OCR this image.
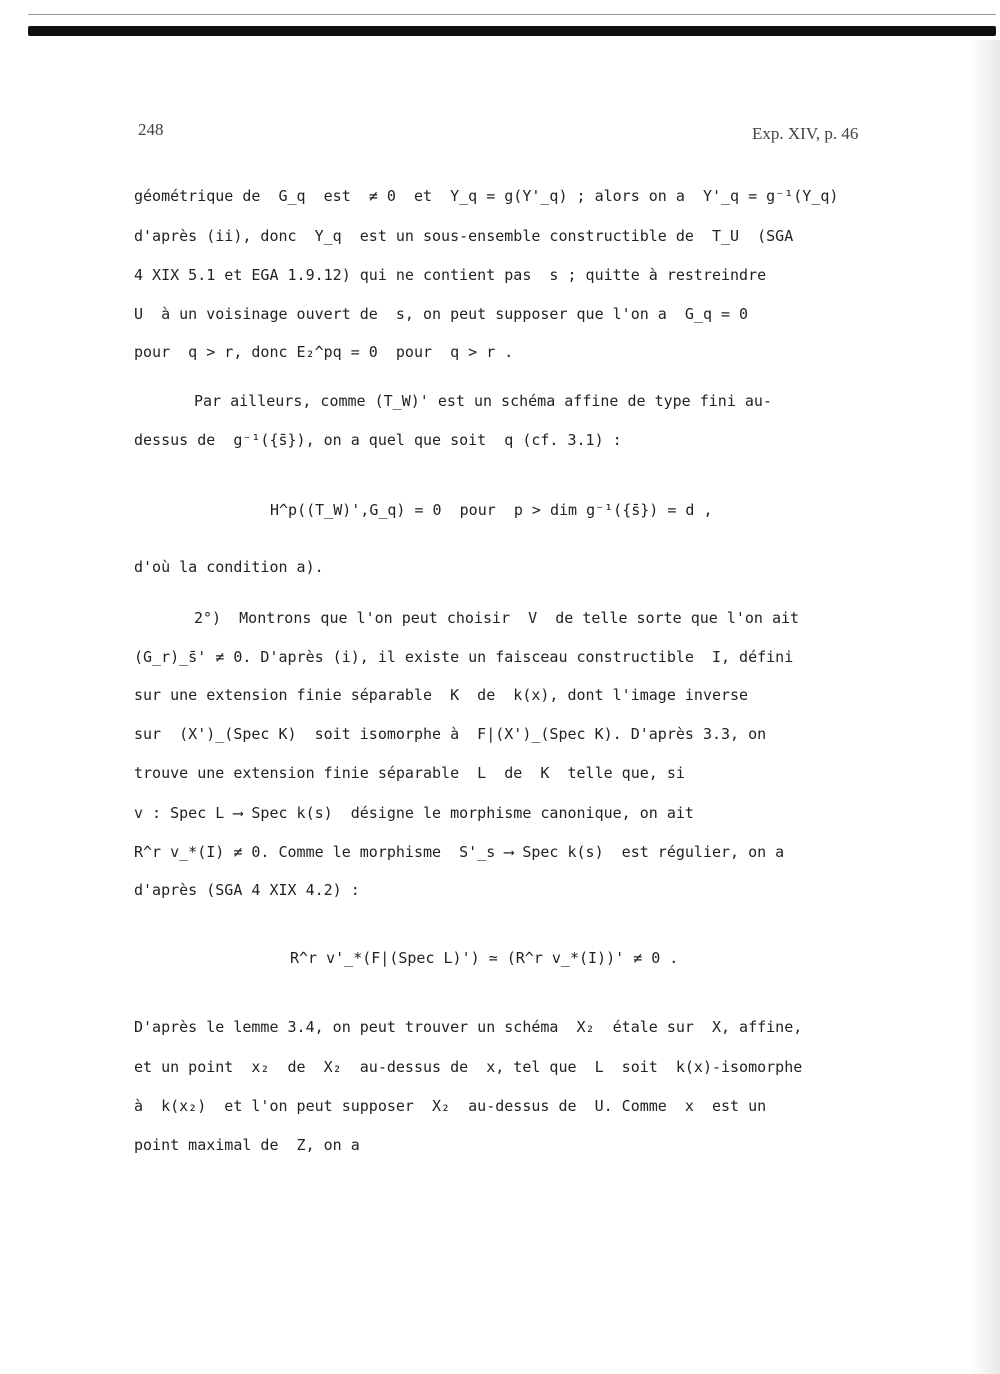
248	Exp. XIV, p. 46
géométrique de  G_q  est  ≠ 0  et  Y_q = g(Y'_q) ; alors on a  Y'_q = g⁻¹(Y_q)
d'après (ii), donc  Y_q  est un sous-ensemble constructible de  T_U  (SGA
4 XIX 5.1 et EGA 1.9.12) qui ne contient pas  s ; quitte à restreindre
U  à un voisinage ouvert de  s, on peut supposer que l'on a  G_q = 0
pour  q > r, donc E₂^pq = 0  pour  q > r .
Par ailleurs, comme (T_W)' est un schéma affine de type fini au-
dessus de  g⁻¹({s̄}), on a quel que soit  q (cf. 3.1) :
H^p((T_W)',G_q) = 0  pour  p > dim g⁻¹({s̄}) = d ,
d'où la condition a).
2°)  Montrons que l'on peut choisir  V  de telle sorte que l'on ait
(G_r)_s̄' ≠ 0. D'après (i), il existe un faisceau constructible  I, défini
sur une extension finie séparable  K  de  k(x), dont l'image inverse
sur  (X')_(Spec K)  soit isomorphe à  F|(X')_(Spec K). D'après 3.3, on
trouve une extension finie séparable  L  de  K  telle que, si
v : Spec L ⟶ Spec k(s)  désigne le morphisme canonique, on ait
R^r v_*(I) ≠ 0. Comme le morphisme  S'_s ⟶ Spec k(s)  est régulier, on a
d'après (SGA 4 XIX 4.2) :
R^r v'_*(F|(Spec L)') ≃ (R^r v_*(I))' ≠ 0 .
D'après le lemme 3.4, on peut trouver un schéma  X₂  étale sur  X, affine,
et un point  x₂  de  X₂  au-dessus de  x, tel que  L  soit  k(x)-isomorphe
à  k(x₂)  et l'on peut supposer  X₂  au-dessus de  U. Comme  x  est un
point maximal de  Z, on a
